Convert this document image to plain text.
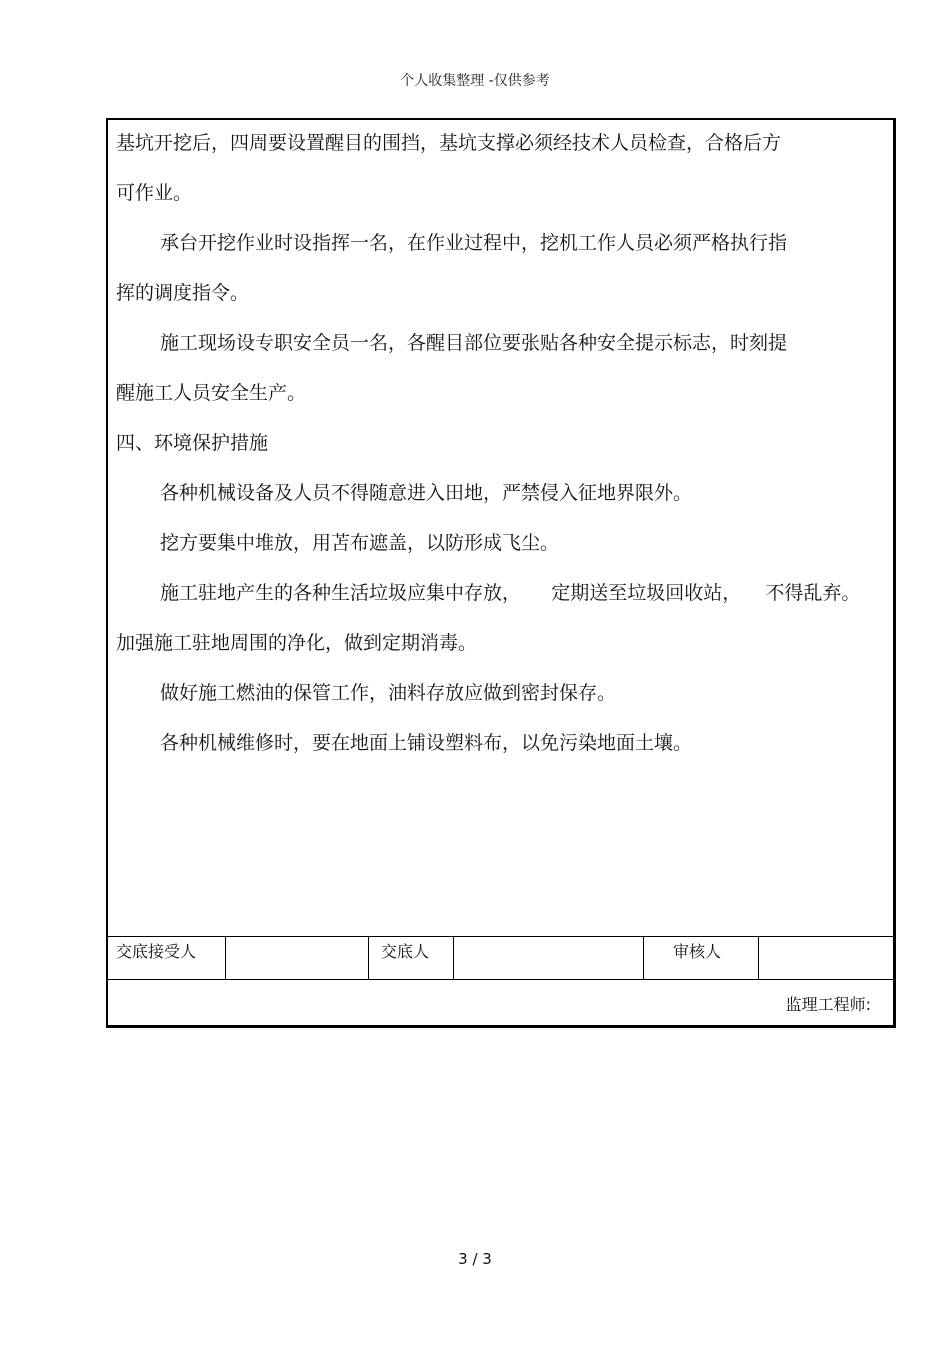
个人收集整理 -仅供参考
基坑开挖后，四周要设置醒目的围挡，基坑支撑必须经技术人员检查，合格后方
可作业。
承台开挖作业时设指挥一名，在作业过程中，挖机工作人员必须严格执行指
挥的调度指令。
施工现场设专职安全员一名，各醒目部位要张贴各种安全提示标志，时刻提
醒施工人员安全生产。
四、环境保护措施
各种机械设备及人员不得随意进入田地，严禁侵入征地界限外。
挖方要集中堆放，用苫布遮盖，以防形成飞尘。
施工驻地产生的各种生活垃圾应集中存放，     定期送至垃圾回收站，    不得乱弃。
加强施工驻地周围的净化，做到定期消毒。
做好施工燃油的保管工作，油料存放应做到密封保存。
各种机械维修时，要在地面上铺设塑料布，以免污染地面土壤。
交底接受人	交底人	审核人
监理工程师:
3 / 3
